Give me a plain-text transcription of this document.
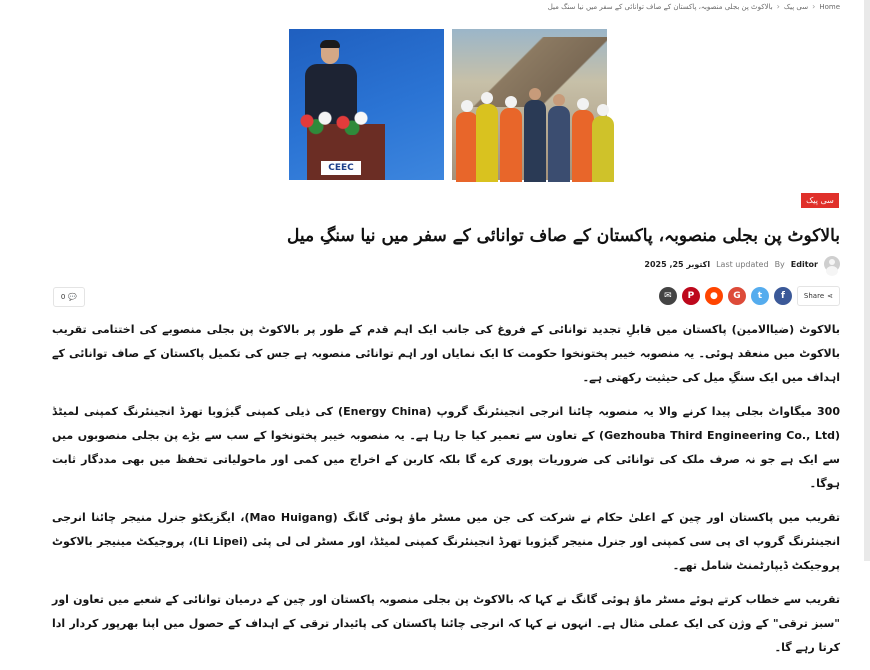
Home
‹
سی پیک
‹
بالاکوٹ پن بجلی منصوبہ، پاکستان کے صاف توانائی کے سفر میں نیا سنگ میل
CEEC
سی پیک
بالاکوٹ پن بجلی منصوبہ، پاکستان کے صاف توانائی کے سفر میں نیا سنگِ میل
اکتوبر 25, 2025 Last updated By Editor
0 💬	✉ P ● G t f	Share ⋖

بالاکوٹ (ضیاالامین) پاکستان میں قابلِ تجدید توانائی کے فروغ کی جانب ایک اہم قدم کے طور پر بالاکوٹ پن بجلی منصوبے کی اختتامی تقریب بالاکوٹ میں منعقد ہوئی۔ یہ منصوبہ خیبر پختونخوا حکومت کا ایک نمایاں اور اہم توانائی منصوبہ ہے جس کی تکمیل پاکستان کے صاف توانائی کے اہداف میں ایک سنگِ میل کی حیثیت رکھتی ہے۔

300 میگاواٹ بجلی پیدا کرنے والا یہ منصوبہ چائنا انرجی انجینئرنگ گروپ (Energy China) کی ذیلی کمپنی گیژوبا تھرڈ انجینئرنگ کمپنی لمیٹڈ (Gezhouba Third Engineering Co., Ltd) کے تعاون سے تعمیر کیا جا رہا ہے۔ یہ منصوبہ خیبر پختونخوا کے سب سے بڑے پن بجلی منصوبوں میں سے ایک ہے جو نہ صرف ملک کی توانائی کی ضروریات پوری کرے گا بلکہ کاربن کے اخراج میں کمی اور ماحولیاتی تحفظ میں بھی مددگار ثابت ہوگا۔

تقریب میں پاکستان اور چین کے اعلیٰ حکام نے شرکت کی جن میں مسٹر ماؤ ہوئی گانگ (Mao Huigang)، ایگزیکٹو جنرل منیجر چائنا انرجی انجینئرنگ گروپ ای پی سی کمپنی اور جنرل منیجر گیژوبا تھرڈ انجینئرنگ کمپنی لمیٹڈ، اور مسٹر لی لی پئی (Li Lipei)، پروجیکٹ مینیجر بالاکوٹ پروجیکٹ ڈیپارٹمنٹ شامل تھے۔

تقریب سے خطاب کرتے ہوئے مسٹر ماؤ ہوئی گانگ نے کہا کہ بالاکوٹ پن بجلی منصوبہ پاکستان اور چین کے درمیان توانائی کے شعبے میں تعاون اور "سبز ترقی" کے وژن کی ایک عملی مثال ہے۔ انہوں نے کہا کہ انرجی چائنا پاکستان کی پائیدار ترقی کے اہداف کے حصول میں اپنا بھرپور کردار ادا کرتا رہے گا۔
